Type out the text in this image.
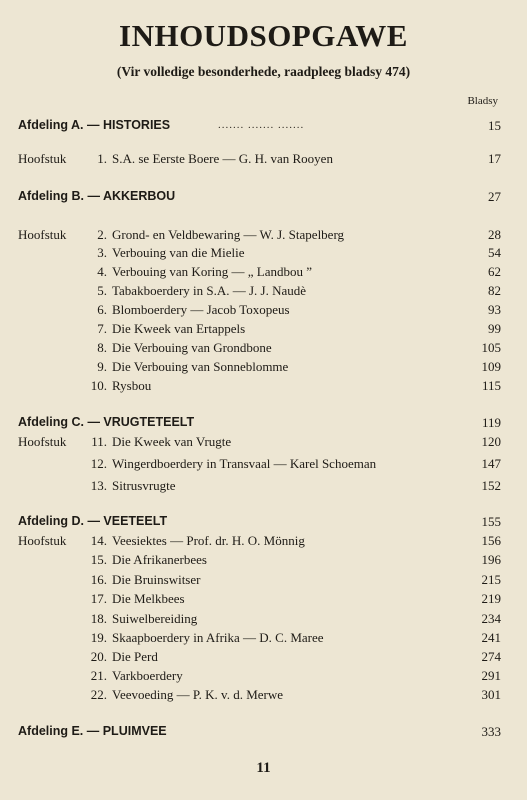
INHOUDSOPGAWE
(Vir volledige besonderhede, raadpleeg bladsy 474)
Bladsy
Afdeling A. — HISTORIES	....... ....... .......	15
Hoofstuk	1. S.A. se Eerste Boere — G. H. van Rooyen	17
Afdeling B. — AKKERBOU	27
Hoofstuk	2. Grond- en Veldbewaring — W. J. Stapelberg	28
3. Verbouing van die Mielie	54
4. Verbouing van Koring — „ Landbou ”	62
5. Tabakboerdery in S.A. — J. J. Naudè	82
6. Blomboerdery — Jacob Toxopeus	93
7. Die Kweek van Ertappels	99
8. Die Verbouing van Grondbone	105
9. Die Verbouing van Sonneblomme	109
10. Rysbou	115
Afdeling C. — VRUGTETEELT	119
Hoofstuk 11. Die Kweek van Vrugte	120
12. Wingerdboerdery in Transvaal — Karel Schoeman	147
13. Sitrusvrugte	152
Afdeling D. — VEETEELT	155
Hoofstuk 14. Veesiektes — Prof. dr. H. O. Mönnig	156
15. Die Afrikanerbees	196
16. Die Bruinswitser	215
17. Die Melkbees	219
18. Suiwelbereiding	234
19. Skaapboerdery in Afrika — D. C. Maree	241
20. Die Perd	274
21. Varkboerdery	291
22. Veevoeding — P. K. v. d. Merwe	301
Afdeling E. — PLUIMVEE	333
11
